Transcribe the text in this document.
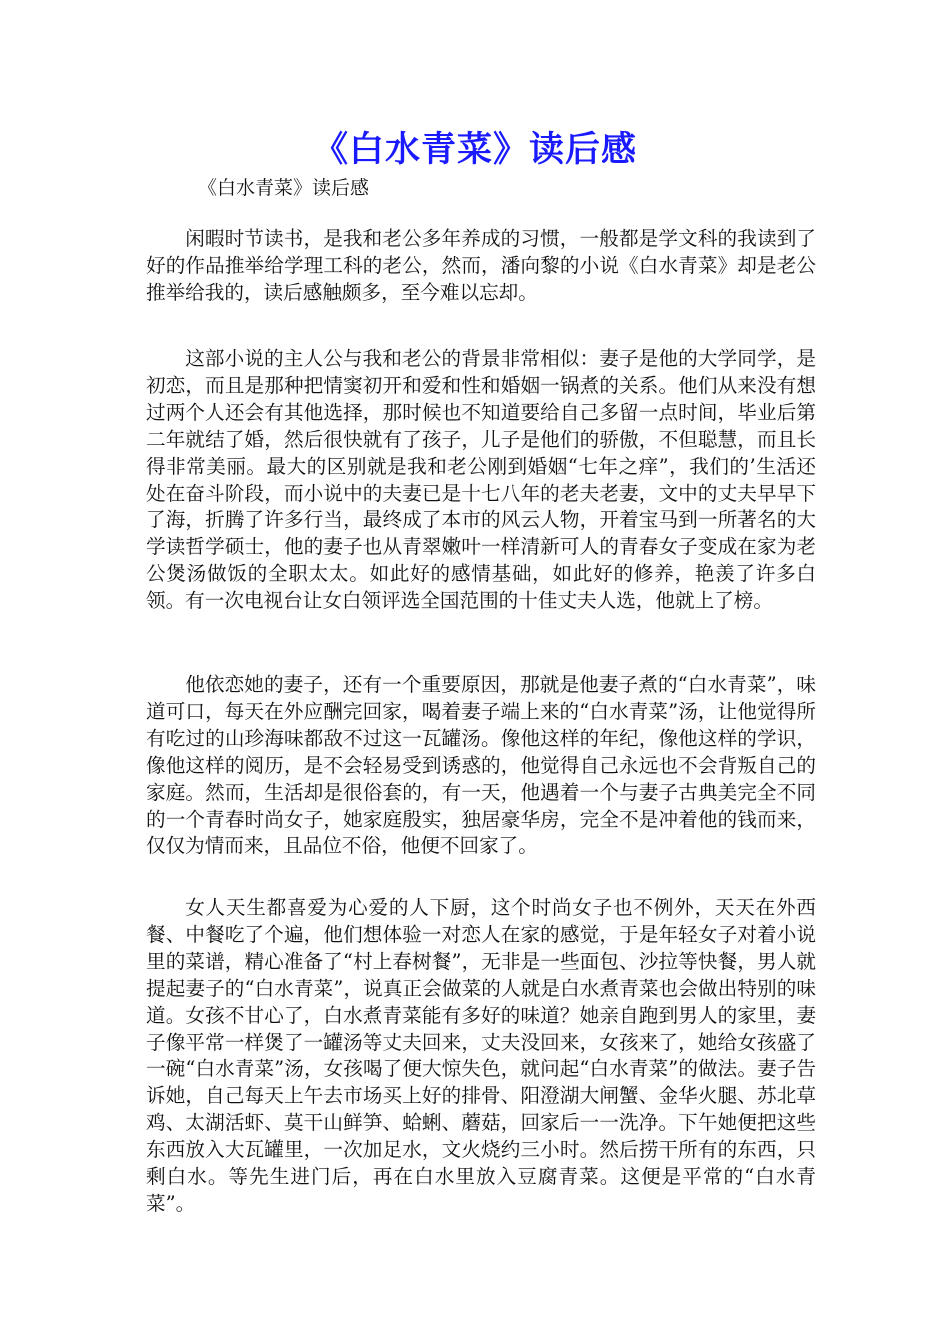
《白水青菜》读后感

《白水青菜》读后感

闲暇时节读书，是我和老公多年养成的习惯，一般都是学文科的我读到了好的作品推举给学理工科的老公，然而，潘向黎的小说《白水青菜》却是老公推举给我的，读后感触颇多，至今难以忘却。

这部小说的主人公与我和老公的背景非常相似：妻子是他的大学同学，是初恋，而且是那种把情窦初开和爱和性和婚姻一锅煮的关系。他们从来没有想过两个人还会有其他选择，那时候也不知道要给自己多留一点时间，毕业后第二年就结了婚，然后很快就有了孩子，儿子是他们的骄傲，不但聪慧，而且长得非常美丽。最大的区别就是我和老公刚到婚姻“七年之痒”，我们的’生活还处在奋斗阶段，而小说中的夫妻已是十七八年的老夫老妻，文中的丈夫早早下了海，折腾了许多行当，最终成了本市的风云人物，开着宝马到一所著名的大学读哲学硕士，他的妻子也从青翠嫩叶一样清新可人的青春女子变成在家为老公煲汤做饭的全职太太。如此好的感情基础，如此好的修养，艳羡了许多白领。有一次电视台让女白领评选全国范围的十佳丈夫人选，他就上了榜。

他依恋她的妻子，还有一个重要原因，那就是他妻子煮的“白水青菜”，味道可口，每天在外应酬完回家，喝着妻子端上来的“白水青菜”汤，让他觉得所有吃过的山珍海味都敌不过这一瓦罐汤。像他这样的年纪，像他这样的学识，像他这样的阅历，是不会轻易受到诱惑的，他觉得自己永远也不会背叛自己的家庭。然而，生活却是很俗套的，有一天，他遇着一个与妻子古典美完全不同的一个青春时尚女子，她家庭殷实，独居豪华房，完全不是冲着他的钱而来，仅仅为情而来，且品位不俗，他便不回家了。

女人天生都喜爱为心爱的人下厨，这个时尚女子也不例外，天天在外西餐、中餐吃了个遍，他们想体验一对恋人在家的感觉，于是年轻女子对着小说里的菜谱，精心准备了“村上春树餐”，无非是一些面包、沙拉等快餐，男人就提起妻子的“白水青菜”，说真正会做菜的人就是白水煮青菜也会做出特别的味道。女孩不甘心了，白水煮青菜能有多好的味道？她亲自跑到男人的家里，妻子像平常一样煲了一罐汤等丈夫回来，丈夫没回来，女孩来了，她给女孩盛了一碗“白水青菜”汤，女孩喝了便大惊失色，就问起“白水青菜”的做法。妻子告诉她，自己每天上午去市场买上好的排骨、阳澄湖大闸蟹、金华火腿、苏北草鸡、太湖活虾、莫干山鲜笋、蛤蜊、蘑菇，回家后一一洗净。下午她便把这些东西放入大瓦罐里，一次加足水，文火烧约三小时。然后捞干所有的东西，只剩白水。等先生进门后，再在白水里放入豆腐青菜。这便是平常的“白水青菜”。
